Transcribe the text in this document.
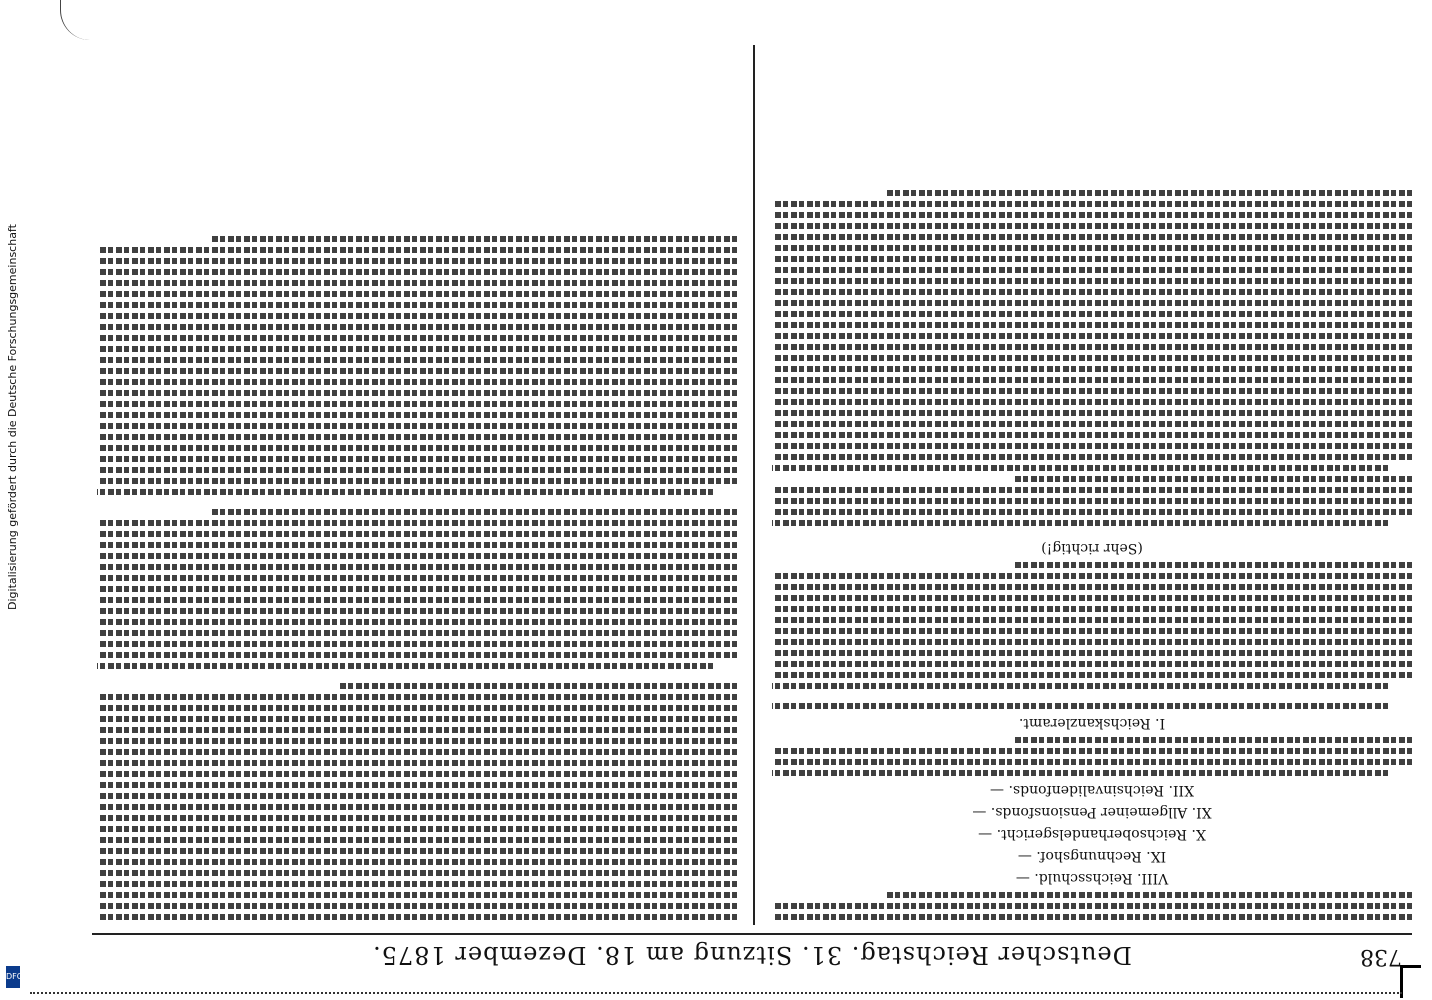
Digitalisierung gefördert durch die Deutsche Forschungsgemeinschaft
DFG
738
Deutscher Reichstag. 31. Sitzung am 18. Dezember 1875.
VIII. Reichsschuld. —
IX. Rechnungshof. —
X. Reichsoberhandelsgericht. —
XI. Allgemeiner Pensionsfonds. —
XII. Reichsinvalidenfonds. —
I. Reichskanzleramt.
(Sehr richtig!)
